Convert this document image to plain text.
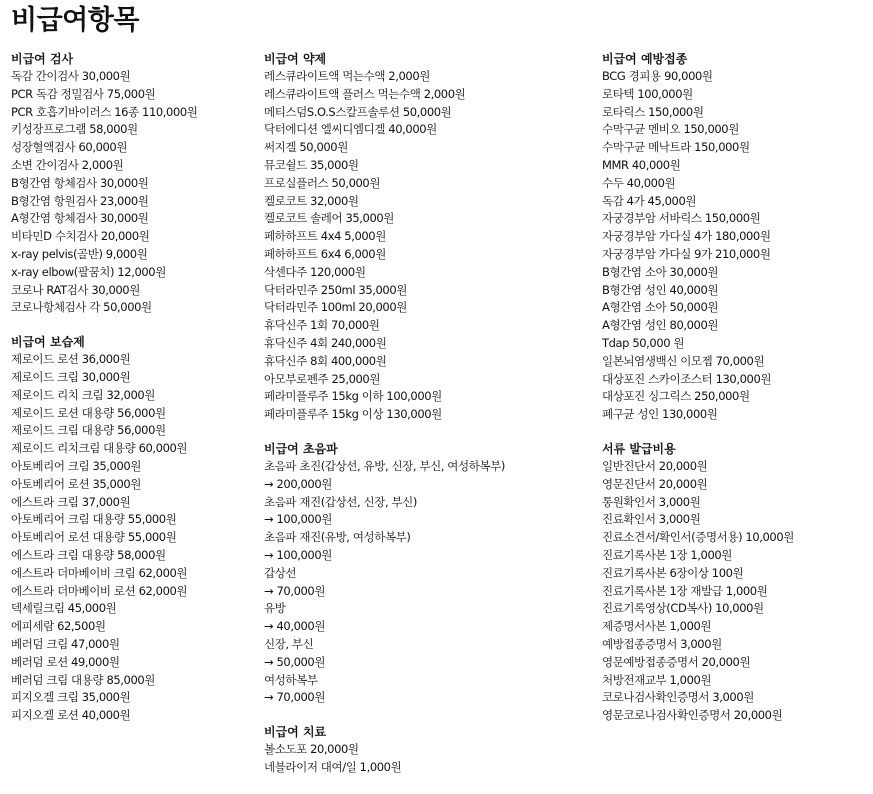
비급여항목
비급여 검사
독감 간이검사 30,000원
PCR 독감 정밀검사 75,000원
PCR 호흡기바이러스 16종 110,000원
키성장프로그램 58,000원
성장혈액검사 60,000원
소변 간이검사 2,000원
B형간염 항체검사 30,000원
B형간염 항원검사 23,000원
A형간염 항체검사 30,000원
비타민D 수치검사 20,000원
x-ray pelvis(골반) 9,000원
x-ray elbow(팔꿈치) 12,000원
코로나 RAT검사 30,000원
코로나항체검사 각 50,000원
비급여 보습제
제로이드 로션 36,000원
제로이드 크림 30,000원
제로이드 리치 크림 32,000원
제로이드 로션 대용량 56,000원
제로이드 크림 대용량 56,000원
제로이드 리치크림 대용량 60,000원
아토베리어 크림 35,000원
아토베리어 로션 35,000원
에스트라 크림 37,000원
아토베리어 크림 대용량 55,000원
아토베리어 로션 대용량 55,000원
에스트라 크림 대용량 58,000원
에스트라 더마베이비 크림 62,000원
에스트라 더마베이비 로션 62,000원
덱세릴크림 45,000원
에피세람 62,500원
베러덤 크림 47,000원
베러덤 로션 49,000원
베러덤 크림 대용량 85,000원
피지오겔 크림 35,000원
피지오겔 로션 40,000원
비급여 약제
레스큐라이트액 먹는수액 2,000원
레스큐라이트액 플러스 먹는수액 2,000원
메티스덤S.O.S스칼프솔루션 50,000원
닥터에디션 엘씨디엠디겔 40,000원
써지겔 50,000원
뮤코쉴드 35,000원
프로실플러스 50,000원
켈로코트 32,000원
켈로코트 솔레어 35,000원
페하하프트 4x4 5,000원
페하하프트 6x4 6,000원
삭센다주 120,000원
닥터라민주 250ml 35,000원
닥터라민주 100ml 20,000원
휴닥신주 1회 70,000원
휴닥신주 4회 240,000원
휴닥신주 8회 400,000원
아모부로펜주 25,000원
페라미플루주 15kg 이하 100,000원
페라미플루주 15kg 이상 130,000원
비급여 초음파
초음파 초진(갑상선, 유방, 신장, 부신, 여성하복부)
→ 200,000원
초음파 재진(갑상선, 신장, 부신)
→ 100,000원
초음파 재진(유방, 여성하복부)
→ 100,000원
갑상선
→ 70,000원
유방
→ 40,000원
신장, 부신
→ 50,000원
여성하복부
→ 70,000원
비급여 치료
볼소도포 20,000원
네블라이저 대여/일 1,000원
비급여 예방접종
BCG 경피용 90,000원
로타텍 100,000원
로타릭스 150,000원
수막구균 멘비오 150,000원
수막구균 메낙트라 150,000원
MMR 40,000원
수두 40,000원
독감 4가 45,000원
자궁경부암 서바릭스 150,000원
자궁경부암 가다실 4가 180,000원
자궁경부암 가다실 9가 210,000원
B형간염 소아 30,000원
B형간염 성인 40,000원
A형간염 소아 50,000원
A형간염 성인 80,000원
Tdap 50,000 원
일본뇌염생백신 이모젭 70,000원
대상포진 스카이조스터 130,000원
대상포진 싱그릭스 250,000원
폐구균 성인 130,000원
서류 발급비용
일반진단서 20,000원
영문진단서 20,000원
통원확인서 3,000원
진료확인서 3,000원
진료소견서/확인서(증명서용) 10,000원
진료기록사본 1장 1,000원
진료기록사본 6장이상 100원
진료기록사본 1장 재발급 1,000원
진료기록영상(CD복사) 10,000원
제증명서사본 1,000원
예방접종증명서 3,000원
영문예방접종증명서 20,000원
처방전재교부 1,000원
코로나검사확인증명서 3,000원
영문코로나검사확인증명서 20,000원
